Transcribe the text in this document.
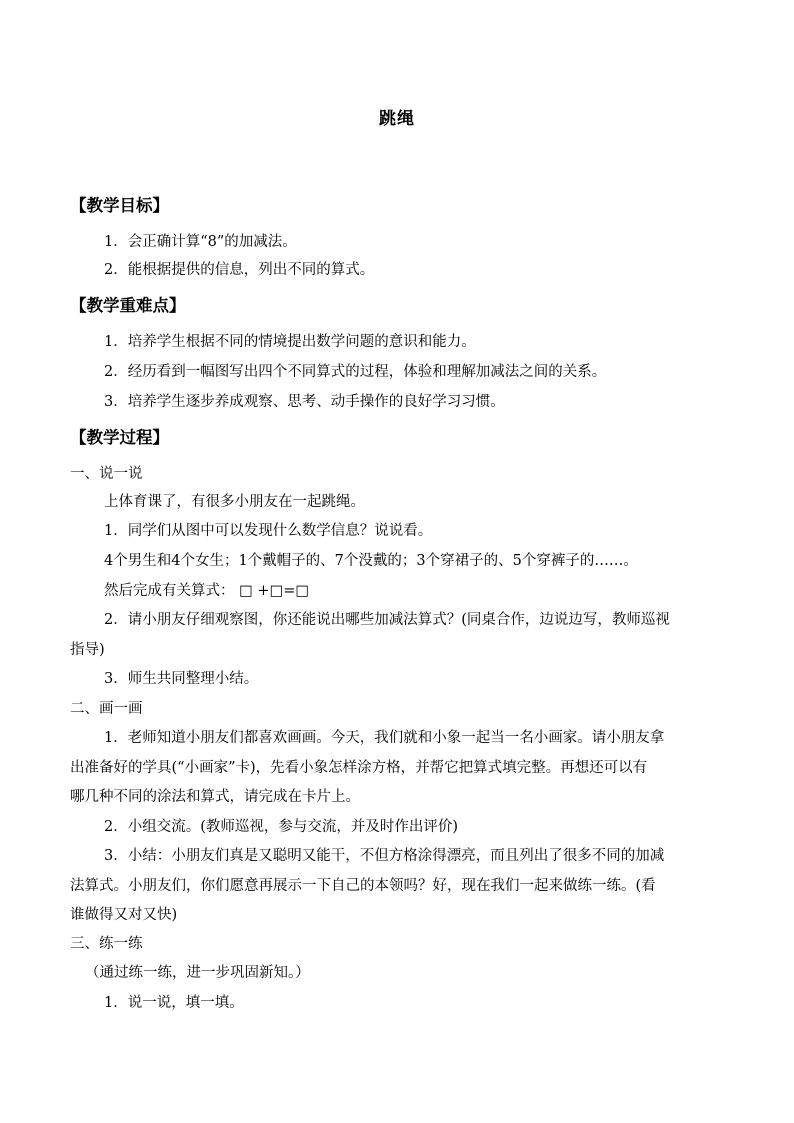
跳绳
【教学目标】
1．会正确计算“8”的加减法。
2．能根据提供的信息，列出不同的算式。
【教学重难点】
1．培养学生根据不同的情境提出数学问题的意识和能力。
2．经历看到一幅图写出四个不同算式的过程，体验和理解加减法之间的关系。
3．培养学生逐步养成观察、思考、动手操作的良好学习习惯。
【教学过程】
一、说一说
上体育课了，有很多小朋友在一起跳绳。
1．同学们从图中可以发现什么数学信息？说说看。
4个男生和4个女生；1个戴帽子的、7个没戴的；3个穿裙子的、5个穿裤子的……。
然后完成有关算式： □ +□=□
2．请小朋友仔细观察图，你还能说出哪些加减法算式？(同桌合作，边说边写，教师巡视
指导)
3．师生共同整理小结。
二、画一画
1．老师知道小朋友们都喜欢画画。今天，我们就和小象一起当一名小画家。请小朋友拿
出准备好的学具(“小画家”卡)，先看小象怎样涂方格，并帮它把算式填完整。再想还可以有
哪几种不同的涂法和算式，请完成在卡片上。
2．小组交流。(教师巡视，参与交流，并及时作出评价)
3．小结：小朋友们真是又聪明又能干，不但方格涂得漂亮，而且列出了很多不同的加减
法算式。小朋友们，你们愿意再展示一下自己的本领吗？好，现在我们一起来做练一练。(看
谁做得又对又快)
三、练一练
（通过练一练，进一步巩固新知。）
1．说一说，填一填。
